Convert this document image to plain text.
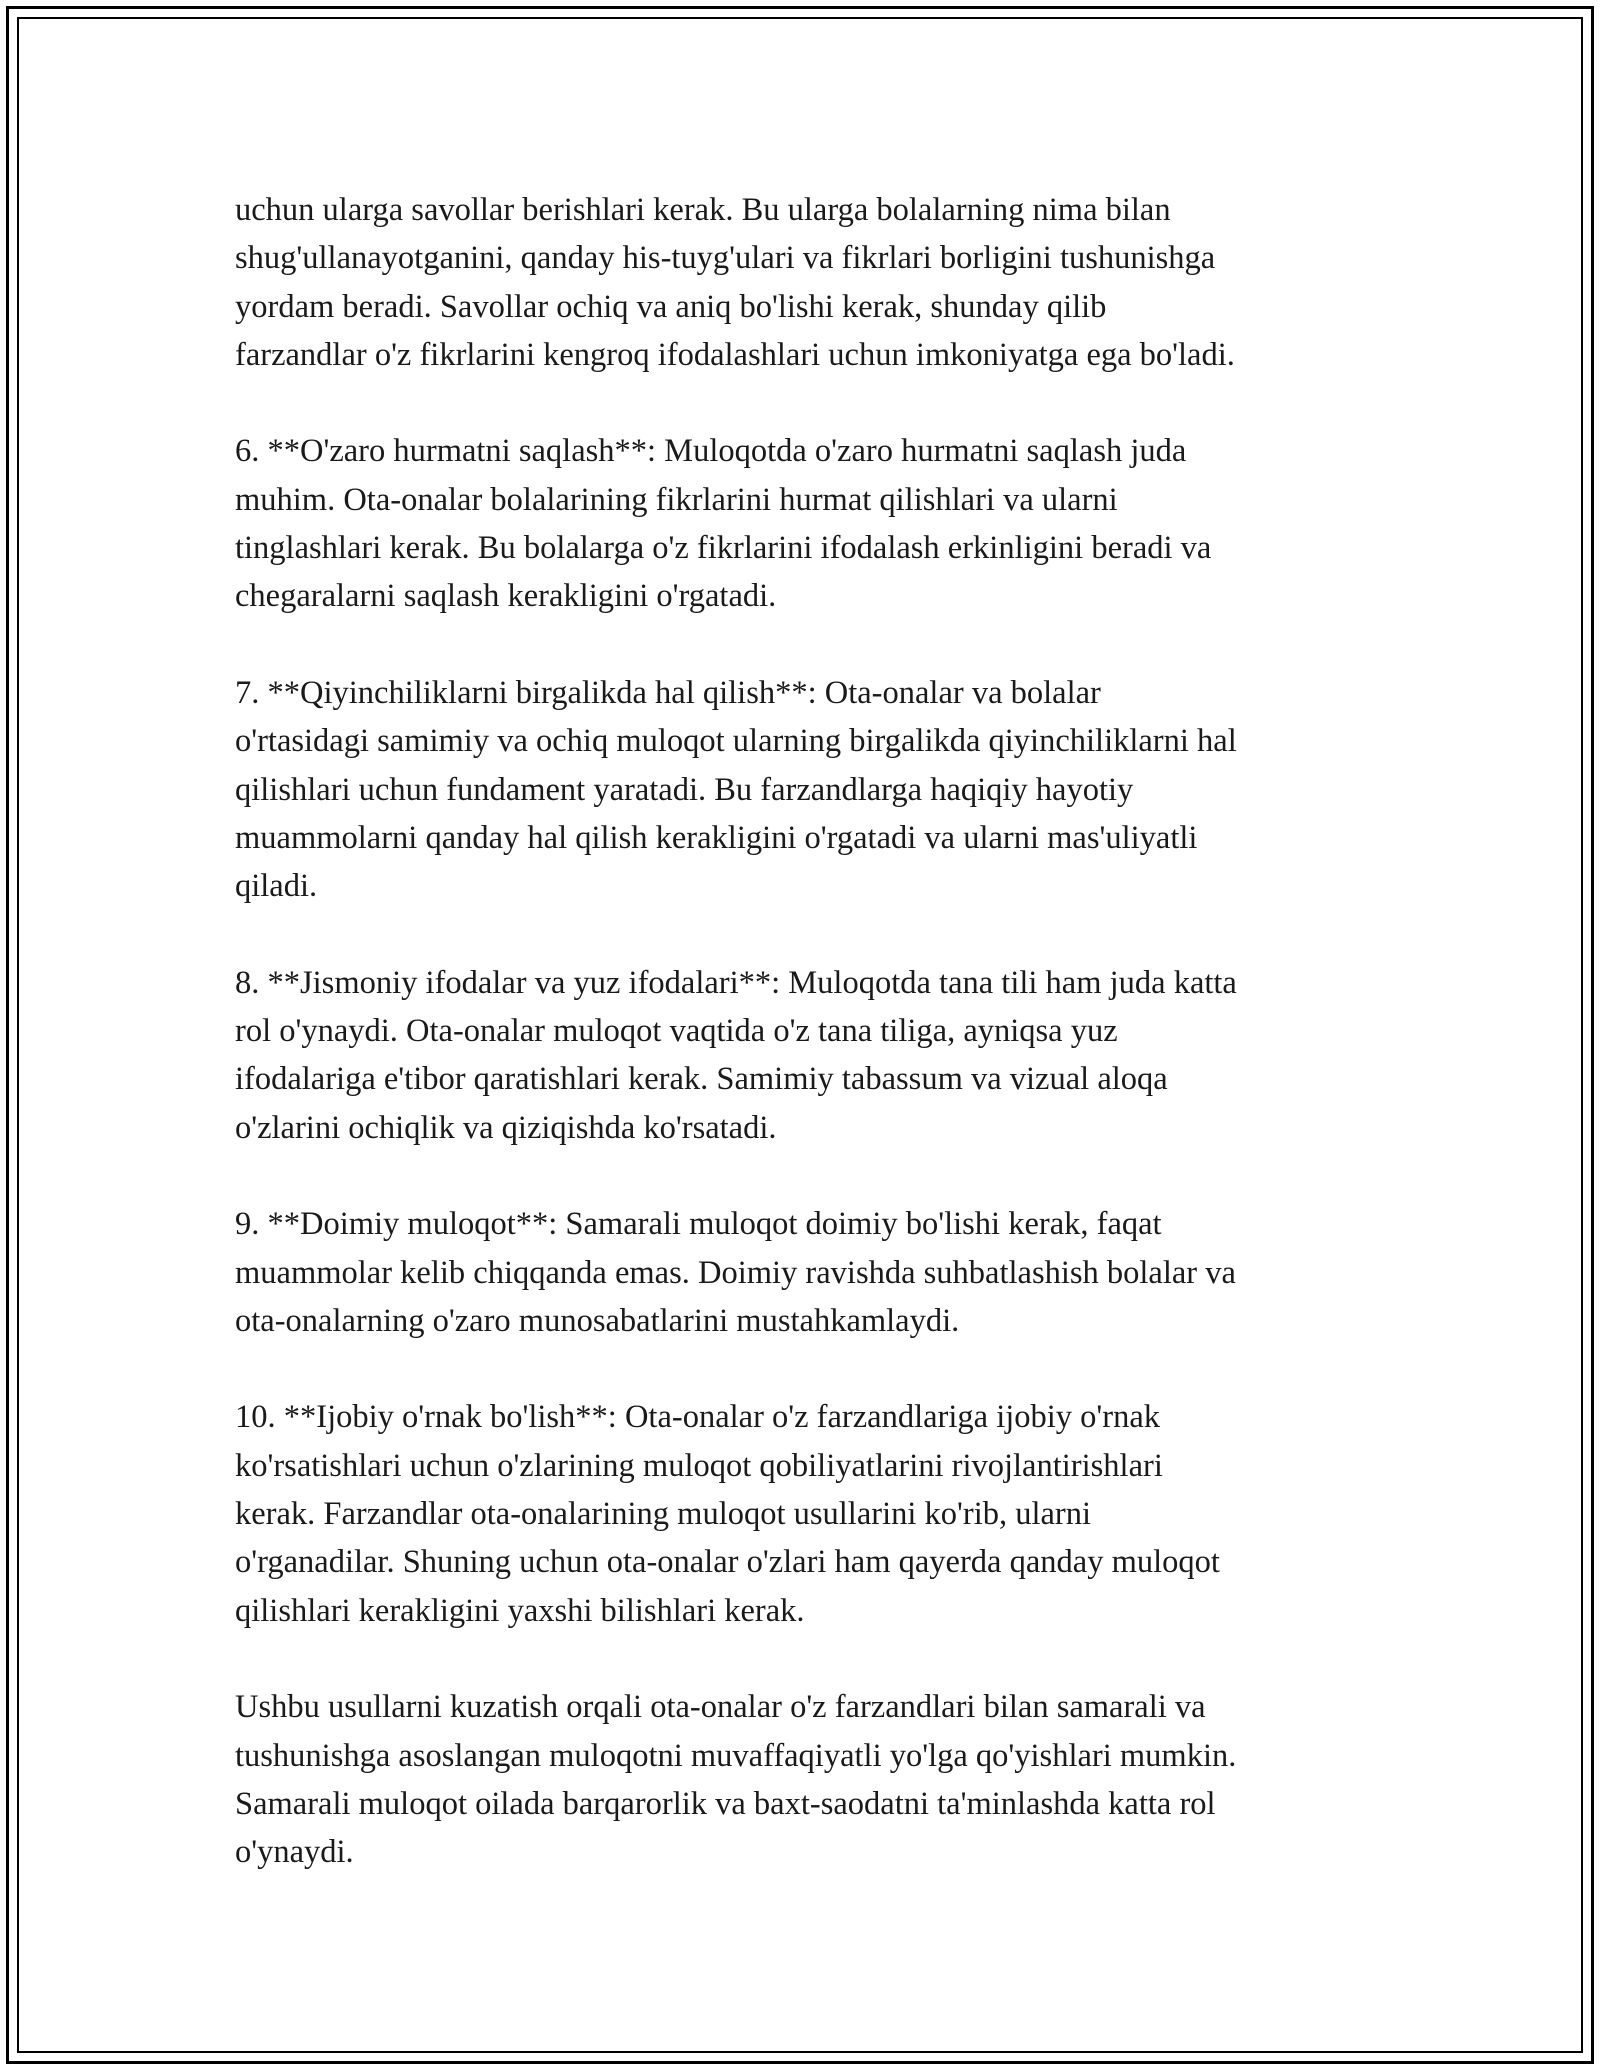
uchun ularga savollar berishlari kerak. Bu ularga bolalarning nima bilan
shug'ullanayotganini, qanday his-tuyg'ulari va fikrlari borligini tushunishga
yordam beradi. Savollar ochiq va aniq bo'lishi kerak, shunday qilib
farzandlar o'z fikrlarini kengroq ifodalashlari uchun imkoniyatga ega bo'ladi.

6. **O'zaro hurmatni saqlash**: Muloqotda o'zaro hurmatni saqlash juda
muhim. Ota-onalar bolalarining fikrlarini hurmat qilishlari va ularni
tinglashlari kerak. Bu bolalarga o'z fikrlarini ifodalash erkinligini beradi va
chegaralarni saqlash kerakligini o'rgatadi.

7. **Qiyinchiliklarni birgalikda hal qilish**: Ota-onalar va bolalar
o'rtasidagi samimiy va ochiq muloqot ularning birgalikda qiyinchiliklarni hal
qilishlari uchun fundament yaratadi. Bu farzandlarga haqiqiy hayotiy
muammolarni qanday hal qilish kerakligini o'rgatadi va ularni mas'uliyatli
qiladi.

8. **Jismoniy ifodalar va yuz ifodalari**: Muloqotda tana tili ham juda katta
rol o'ynaydi. Ota-onalar muloqot vaqtida o'z tana tiliga, ayniqsa yuz
ifodalariga e'tibor qaratishlari kerak. Samimiy tabassum va vizual aloqa
o'zlarini ochiqlik va qiziqishda ko'rsatadi.

9. **Doimiy muloqot**: Samarali muloqot doimiy bo'lishi kerak, faqat
muammolar kelib chiqqanda emas. Doimiy ravishda suhbatlashish bolalar va
ota-onalarning o'zaro munosabatlarini mustahkamlaydi.

10. **Ijobiy o'rnak bo'lish**: Ota-onalar o'z farzandlariga ijobiy o'rnak
ko'rsatishlari uchun o'zlarining muloqot qobiliyatlarini rivojlantirishlari
kerak. Farzandlar ota-onalarining muloqot usullarini ko'rib, ularni
o'rganadilar. Shuning uchun ota-onalar o'zlari ham qayerda qanday muloqot
qilishlari kerakligini yaxshi bilishlari kerak.

Ushbu usullarni kuzatish orqali ota-onalar o'z farzandlari bilan samarali va
tushunishga asoslangan muloqotni muvaffaqiyatli yo'lga qo'yishlari mumkin.
Samarali muloqot oilada barqarorlik va baxt-saodatni ta'minlashda katta rol
o'ynaydi.
